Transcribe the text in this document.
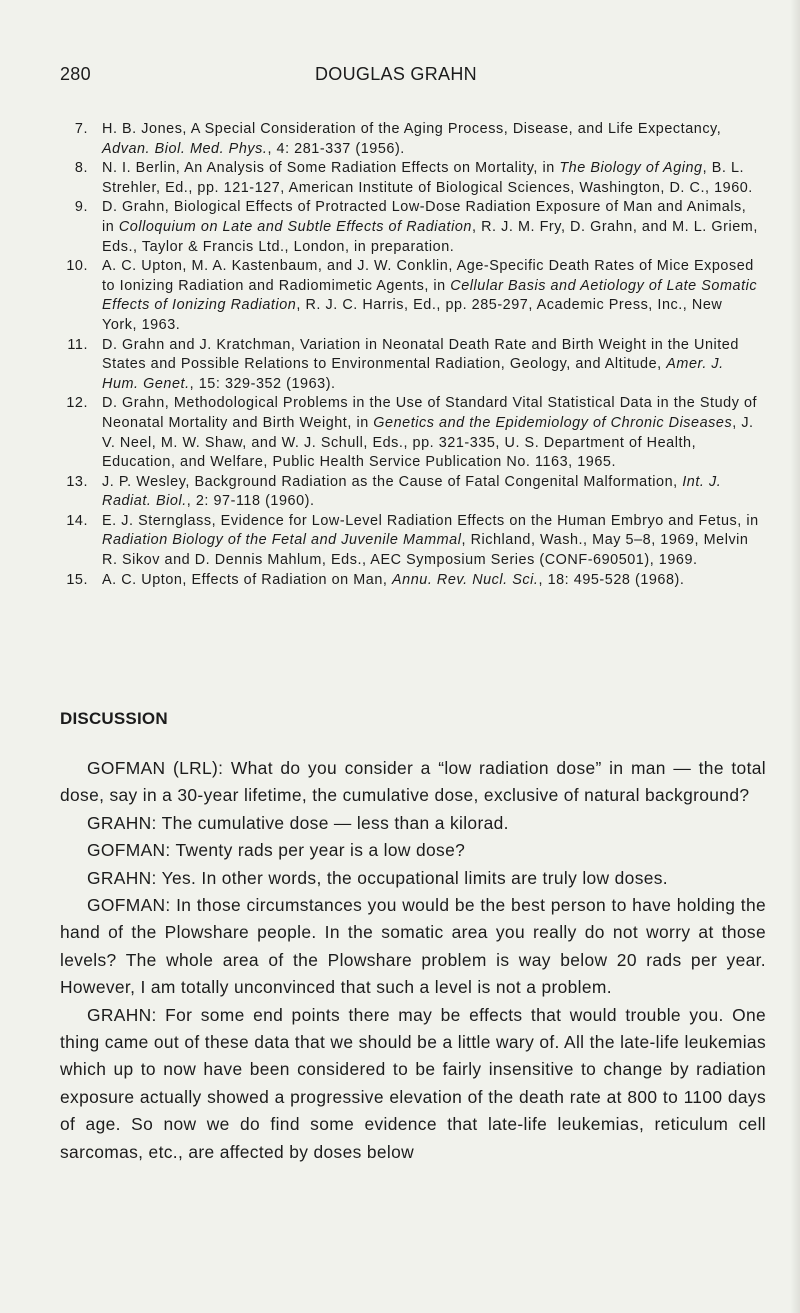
280	DOUGLAS GRAHN
7. H. B. Jones, A Special Consideration of the Aging Process, Disease, and Life Expectancy, Advan. Biol. Med. Phys., 4: 281-337 (1956).
8. N. I. Berlin, An Analysis of Some Radiation Effects on Mortality, in The Biology of Aging, B. L. Strehler, Ed., pp. 121-127, American Institute of Biological Sciences, Washington, D. C., 1960.
9. D. Grahn, Biological Effects of Protracted Low-Dose Radiation Exposure of Man and Animals, in Colloquium on Late and Subtle Effects of Radiation, R. J. M. Fry, D. Grahn, and M. L. Griem, Eds., Taylor & Francis Ltd., London, in preparation.
10. A. C. Upton, M. A. Kastenbaum, and J. W. Conklin, Age-Specific Death Rates of Mice Exposed to Ionizing Radiation and Radiomimetic Agents, in Cellular Basis and Aetiology of Late Somatic Effects of Ionizing Radiation, R. J. C. Harris, Ed., pp. 285-297, Academic Press, Inc., New York, 1963.
11. D. Grahn and J. Kratchman, Variation in Neonatal Death Rate and Birth Weight in the United States and Possible Relations to Environmental Radiation, Geology, and Altitude, Amer. J. Hum. Genet., 15: 329-352 (1963).
12. D. Grahn, Methodological Problems in the Use of Standard Vital Statistical Data in the Study of Neonatal Mortality and Birth Weight, in Genetics and the Epidemiology of Chronic Diseases, J. V. Neel, M. W. Shaw, and W. J. Schull, Eds., pp. 321-335, U. S. Department of Health, Education, and Welfare, Public Health Service Publication No. 1163, 1965.
13. J. P. Wesley, Background Radiation as the Cause of Fatal Congenital Malformation, Int. J. Radiat. Biol., 2: 97-118 (1960).
14. E. J. Sternglass, Evidence for Low-Level Radiation Effects on the Human Embryo and Fetus, in Radiation Biology of the Fetal and Juvenile Mammal, Richland, Wash., May 5–8, 1969, Melvin R. Sikov and D. Dennis Mahlum, Eds., AEC Symposium Series (CONF-690501), 1969.
15. A. C. Upton, Effects of Radiation on Man, Annu. Rev. Nucl. Sci., 18: 495-528 (1968).
DISCUSSION

GOFMAN (LRL): What do you consider a “low radiation dose” in man — the total dose, say in a 30-year lifetime, the cumulative dose, exclusive of natural background?

GRAHN: The cumulative dose — less than a kilorad.

GOFMAN: Twenty rads per year is a low dose?

GRAHN: Yes. In other words, the occupational limits are truly low doses.

GOFMAN: In those circumstances you would be the best person to have holding the hand of the Plowshare people. In the somatic area you really do not worry at those levels? The whole area of the Plowshare problem is way below 20 rads per year. However, I am totally unconvinced that such a level is not a problem.

GRAHN: For some end points there may be effects that would trouble you. One thing came out of these data that we should be a little wary of. All the late-life leukemias which up to now have been considered to be fairly insensitive to change by radiation exposure actually showed a progressive elevation of the death rate at 800 to 1100 days of age. So now we do find some evidence that late-life leukemias, reticulum cell sarcomas, etc., are affected by doses below
